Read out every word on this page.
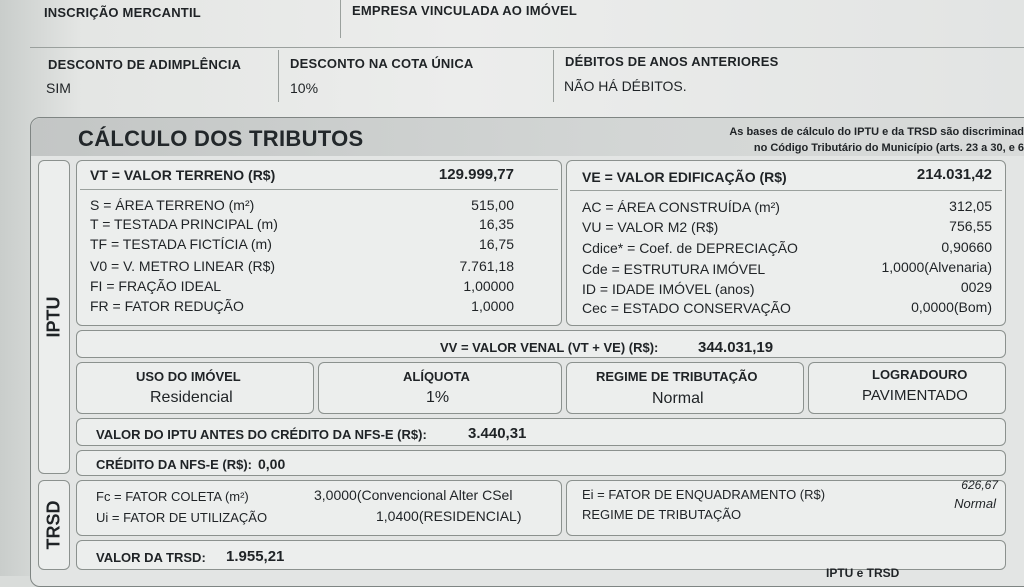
INSCRIÇÃO MERCANTIL	EMPRESA VINCULADA AO IMÓVEL
DESCONTO DE ADIMPLÊNCIA
SIM
DESCONTO NA COTA ÚNICA
10%
DÉBITOS DE ANOS ANTERIORES
NÃO HÁ DÉBITOS.
CÁLCULO DOS TRIBUTOS	As bases de cálculo do IPTU e da TRSD são discriminad
no Código Tributário do Município (arts. 23 a 30, e 6
IPTU
VT = VALOR TERRENO (R$)	129.999,77
S = ÁREA TERRENO (m²)	515,00
T = TESTADA PRINCIPAL (m)	16,35
TF = TESTADA FICTÍCIA (m)	16,75
V0 = V. METRO LINEAR (R$)	7.761,18
FI = FRAÇÃO IDEAL	1,00000
FR = FATOR REDUÇÃO	1,0000
VE = VALOR EDIFICAÇÃO (R$)	214.031,42
AC = ÁREA CONSTRUÍDA (m²)	312,05
VU = VALOR M2 (R$)	756,55
Cdice* = Coef. de DEPRECIAÇÃO	0,90660
Cde = ESTRUTURA IMÓVEL	1,0000(Alvenaria)
ID = IDADE IMÓVEL (anos)	0029
Cec = ESTADO CONSERVAÇÃO	0,0000(Bom)
VV = VALOR VENAL (VT + VE) (R$):	344.031,19
USO DO IMÓVEL
Residencial
ALÍQUOTA
1%
REGIME DE TRIBUTAÇÃO
Normal
LOGRADOURO
PAVIMENTADO
VALOR DO IPTU ANTES DO CRÉDITO DA NFS-E (R$):	3.440,31
CRÉDITO DA NFS-E (R$): 0,00
TRSD
Fc = FATOR COLETA (m²)	3,0000(Convencional Alter CSel
Ui = FATOR DE UTILIZAÇÃO	1,0400(RESIDENCIAL)
Ei = FATOR DE ENQUADRAMENTO (R$)
626,67
REGIME DE TRIBUTAÇÃO
Normal
VALOR DA TRSD: 1.955,21
IPTU e TRSD
